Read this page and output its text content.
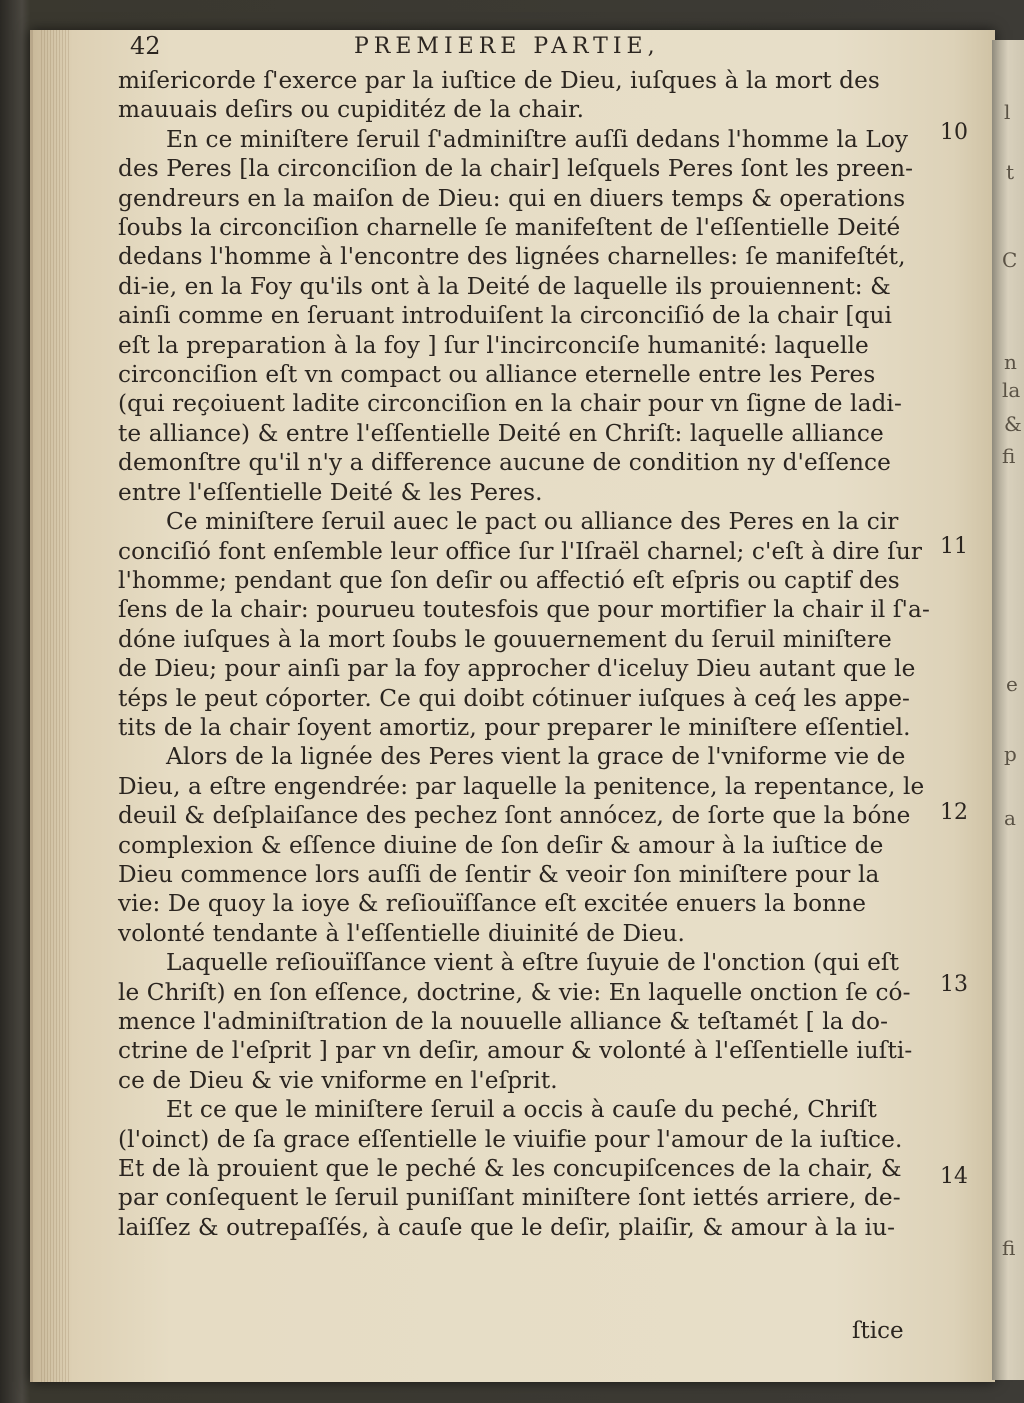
l
t
C
n
la
&
fi
e
p
a
fi
42	PREMIERE PARTIE,
miſericorde ſ'exerce par la iuſtice de Dieu, iuſques à la mort des
mauuais deſirs ou cupiditéz de la chair.
En ce miniſtere ſeruil ſ'adminiſtre auſſi dedans l'homme la Loy
des Peres [la circonciſion de la chair] leſquels Peres ſont les preen-
gendreurs en la maiſon de Dieu: qui en diuers temps & operations
ſoubs la circonciſion charnelle ſe manifeſtent de l'eſſentielle Deité
dedans l'homme à l'encontre des lignées charnelles: ſe manifeſtét,
di-ie, en la Foy qu'ils ont à la Deité de laquelle ils prouiennent: &
ainſi comme en ſeruant introduiſent la circonciſió de la chair [qui
eſt la preparation à la foy ] ſur l'incirconciſe humanité: laquelle
circonciſion eſt vn compact ou alliance eternelle entre les Peres
(qui reçoiuent ladite circonciſion en la chair pour vn ſigne de ladi-
te alliance) & entre l'eſſentielle Deité en Chriſt: laquelle alliance
demonſtre qu'il n'y a difference aucune de condition ny d'eſſence
entre l'eſſentielle Deité & les Peres.
Ce miniſtere ſeruil auec le pact ou alliance des Peres en la cir
conciſió font enſemble leur office ſur l'Iſraël charnel; c'eſt à dire ſur
l'homme; pendant que ſon deſir ou affectió eſt eſpris ou captif des
ſens de la chair: pourueu toutesfois que pour mortifier la chair il ſ'a-
dóne iuſques à la mort ſoubs le gouuernement du ſeruil miniſtere
de Dieu; pour ainſi par la foy approcher d'iceluy Dieu autant que le
téps le peut cóporter. Ce qui doibt cótinuer iuſques à ceq́ les appe-
tits de la chair ſoyent amortiz, pour preparer le miniſtere eſſentiel.
Alors de la lignée des Peres vient la grace de l'vniforme vie de
Dieu, a eſtre engendrée: par laquelle la penitence, la repentance, le
deuil & deſplaiſance des pechez ſont annócez, de ſorte que la bóne
complexion & eſſence diuine de ſon deſir & amour à la iuſtice de
Dieu commence lors auſſi de ſentir & veoir ſon miniſtere pour la
vie: De quoy la ioye & reſiouïſſance eſt excitée enuers la bonne
volonté tendante à l'eſſentielle diuinité de Dieu.
Laquelle reſiouïſſance vient à eſtre ſuyuie de l'onction (qui eſt
le Chriſt) en ſon eſſence, doctrine, & vie: En laquelle onction ſe có-
mence l'adminiſtration de la nouuelle alliance & teſtamét [ la do-
ctrine de l'eſprit ] par vn deſir, amour & volonté à l'eſſentielle iuſti-
ce de Dieu & vie vniforme en l'eſprit.
Et ce que le miniſtere ſeruil a occis à cauſe du peché, Chriſt
(l'oinct) de ſa grace eſſentielle le viuifie pour l'amour de la iuſtice.
Et de là prouient que le peché & les concupiſcences de la chair, &
par conſequent le ſeruil puniſſant miniſtere ſont iettés arriere, de-
laiſſez & outrepaſſés, à cauſe que le deſir, plaiſir, & amour à la iu-
10
11
12
13
14
ſtice
